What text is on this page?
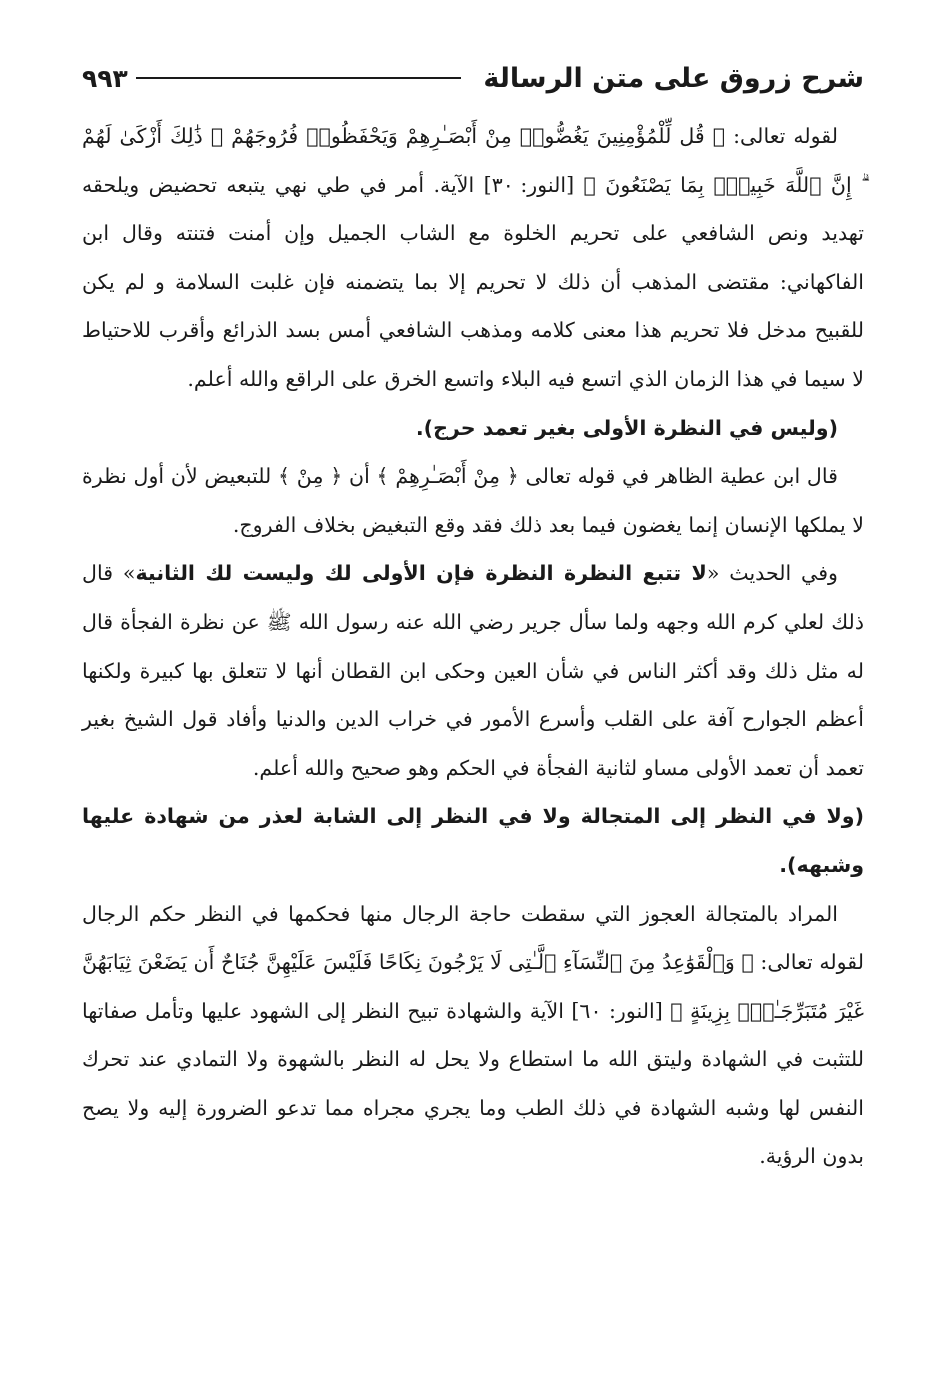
شرح زروق على متن الرسالة
٩٩٣

لقوله تعالى: ﴿ قُل لِّلْمُؤْمِنِينَ يَغُضُّوا۟ مِنْ أَبْصَـٰرِهِمْ وَيَحْفَظُوا۟ فُرُوجَهُمْ ۚ ذَٰلِكَ أَزْكَىٰ لَهُمْ ۗ إِنَّ ٱللَّهَ خَبِيرٌۢ بِمَا يَصْنَعُونَ ﴾ [النور: ٣٠] الآية. أمر في طي نهي يتبعه تحضيض ويلحقه تهديد ونص الشافعي على تحريم الخلوة مع الشاب الجميل وإن أمنت فتنته وقال ابن الفاكهاني: مقتضى المذهب أن ذلك لا تحريم إلا بما يتضمنه فإن غلبت السلامة و لم يكن للقبيح مدخل فلا تحريم هذا معنى كلامه ومذهب الشافعي أمس بسد الذرائع وأقرب للاحتياط لا سيما في هذا الزمان الذي اتسع فيه البلاء واتسع الخرق على الراقع والله أعلم.

(وليس في النظرة الأولى بغير تعمد حرج).

قال ابن عطية الظاهر في قوله تعالى ﴿ مِنْ أَبْصَـٰرِهِمْ ﴾ أن ﴿ مِنْ ﴾ للتبعيض لأن أول نظرة لا يملكها الإنسان إنما يغضون فيما بعد ذلك فقد وقع التبغيض بخلاف الفروج.

وفي الحديث «لا تتبع النظرة النظرة فإن الأولى لك وليست لك الثانية» قال ذلك لعلي كرم الله وجهه ولما سأل جرير رضي الله عنه رسول الله ﷺ عن نظرة الفجأة قال له مثل ذلك وقد أكثر الناس في شأن العين وحكى ابن القطان أنها لا تتعلق بها كبيرة ولكنها أعظم الجوارح آفة على القلب وأسرع الأمور في خراب الدين والدنيا وأفاد قول الشيخ بغير تعمد أن تعمد الأولى مساو لثانية الفجأة في الحكم وهو صحيح والله أعلم.

(ولا في النظر إلى المتجالة ولا في النظر إلى الشابة لعذر من شهادة عليها وشبهه).

المراد بالمتجالة العجوز التي سقطت حاجة الرجال منها فحكمها في النظر حكم الرجال لقوله تعالى: ﴿ وَٱلْقَوَٰعِدُ مِنَ ٱلنِّسَآءِ ٱلَّـٰتِى لَا يَرْجُونَ نِكَاحًا فَلَيْسَ عَلَيْهِنَّ جُنَاحٌ أَن يَضَعْنَ ثِيَابَهُنَّ غَيْرَ مُتَبَرِّجَـٰتٍۭ بِزِينَةٍ ﴾ [النور: ٦٠] الآية والشهادة تبيح النظر إلى الشهود عليها وتأمل صفاتها للتثبت في الشهادة وليتق الله ما استطاع ولا يحل له النظر بالشهوة ولا التمادي عند تحرك النفس لها وشبه الشهادة في ذلك الطب وما يجري مجراه مما تدعو الضرورة إليه ولا يصح بدون الرؤية.
